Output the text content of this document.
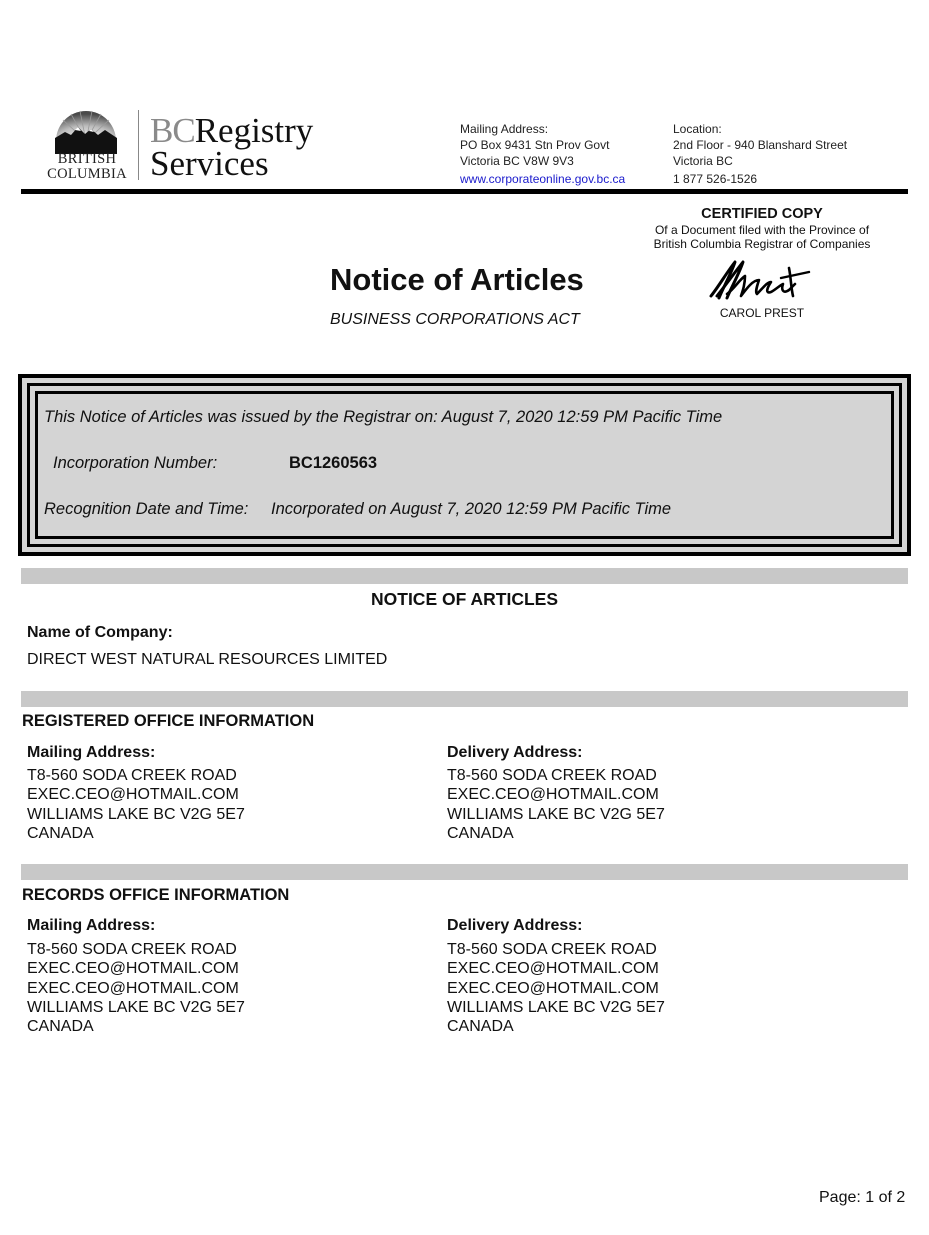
BRITISH
COLUMBIA
BCRegistry
Services
Mailing Address:
PO Box 9431 Stn Prov Govt
Victoria BC V8W 9V3
www.corporateonline.gov.bc.ca
Location:
2nd Floor - 940 Blanshard Street
Victoria BC
1 877 526-1526
CERTIFIED COPY
Of a Document filed with the Province of
British Columbia Registrar of Companies
CAROL PREST
Notice of Articles
BUSINESS CORPORATIONS ACT
This Notice of Articles was issued by the Registrar on: August 7, 2020 12:59 PM Pacific Time
Incorporation Number:	BC1260563
Recognition Date and Time: Incorporated on August 7, 2020 12:59 PM Pacific Time
NOTICE OF ARTICLES
Name of Company:
DIRECT WEST NATURAL RESOURCES LIMITED
REGISTERED OFFICE INFORMATION
Mailing Address:
T8-560 SODA CREEK ROAD
EXEC.CEO@HOTMAIL.COM
WILLIAMS LAKE BC V2G 5E7
CANADA
Delivery Address:
T8-560 SODA CREEK ROAD
EXEC.CEO@HOTMAIL.COM
WILLIAMS LAKE BC V2G 5E7
CANADA
RECORDS OFFICE INFORMATION
Mailing Address:
T8-560 SODA CREEK ROAD
EXEC.CEO@HOTMAIL.COM
EXEC.CEO@HOTMAIL.COM
WILLIAMS LAKE BC V2G 5E7
CANADA
Delivery Address:
T8-560 SODA CREEK ROAD
EXEC.CEO@HOTMAIL.COM
EXEC.CEO@HOTMAIL.COM
WILLIAMS LAKE BC V2G 5E7
CANADA
Page: 1 of 2
